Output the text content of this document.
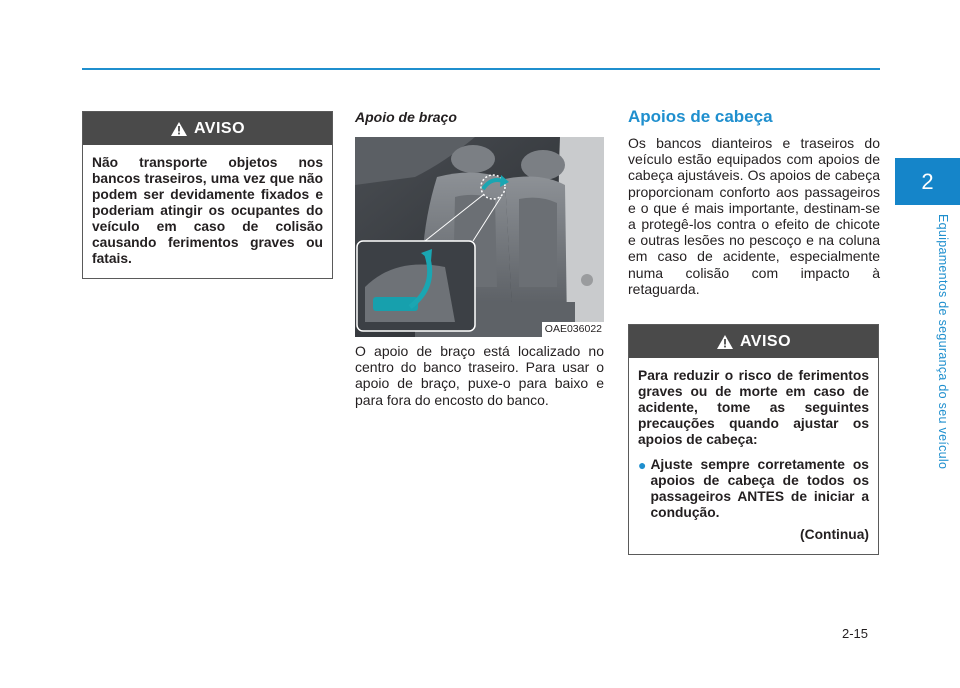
2
Equipamentos de segurança do seu veículo
AVISO
Não transporte objetos nos bancos traseiros, uma vez que não podem ser devidamente fixados e poderiam atingir os ocupantes do veículo em caso de colisão causando ferimentos graves ou fatais.
Apoio de braço
OAE036022
O apoio de braço está localizado no centro do banco traseiro. Para usar o apoio de braço, puxe-o para baixo e para fora do encosto do banco.
Apoios de cabeça
Os bancos dianteiros e traseiros do veículo estão equipados com apoios de cabeça ajustáveis. Os apoios de cabeça proporcionam conforto aos passageiros e o que é mais importante, destinam-se a protegê-los contra o efeito de chicote e outras lesões no pescoço e na coluna em caso de acidente, especialmente numa colisão com impacto à retaguarda.
AVISO
Para reduzir o risco de ferimentos graves ou de morte em caso de acidente, tome as seguintes precauções quando ajustar os apoios de cabeça:
● Ajuste sempre corretamente os apoios de cabeça de todos os passageiros ANTES de iniciar a condução.
(Continua)
2-15
